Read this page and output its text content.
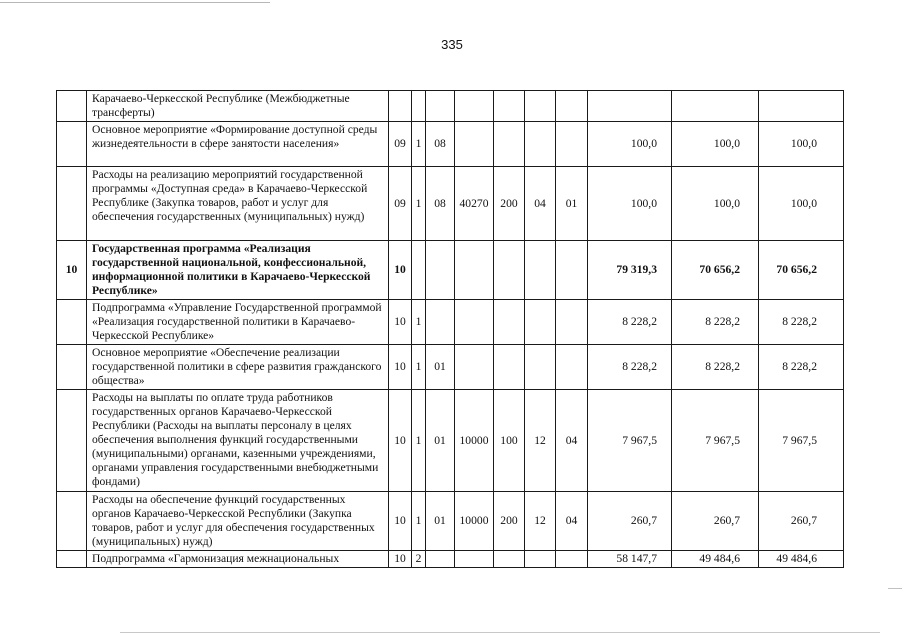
335
	Карачаево-Черкесской Республике (Межбюджетные трансферты)										
	Основное мероприятие «Формирование доступной среды жизнедеятельности в сфере занятости населения»	09	1	08					100,0	100,0	100,0
	Расходы на реализацию мероприятий государственной программы «Доступная среда» в Карачаево-Черкесской Республике (Закупка товаров, работ и услуг для обеспечения государственных (муниципальных) нужд)	09	1	08	40270	200	04	01	100,0	100,0	100,0
10	Государственная программа «Реализация государственной национальной, конфессиональной, информационной политики в Карачаево-Черкесской Республике»	10							79 319,3	70 656,2	70 656,2
	Подпрограмма «Управление Государственной программой «Реализация государственной политики в Карачаево-Черкесской Республике»	10	1						8 228,2	8 228,2	8 228,2
	Основное мероприятие «Обеспечение реализации государственной политики в сфере развития гражданского общества»	10	1	01					8 228,2	8 228,2	8 228,2
	Расходы на выплаты по оплате труда работников государственных органов Карачаево-Черкесской Республики (Расходы на выплаты персоналу в целях обеспечения выполнения функций государственными (муниципальными) органами, казенными учреждениями, органами управления государственными внебюджетными фондами)	10	1	01	10000	100	12	04	7 967,5	7 967,5	7 967,5
	Расходы на обеспечение функций государственных органов Карачаево-Черкесской Республики (Закупка товаров, работ и услуг для обеспечения государственных (муниципальных) нужд)	10	1	01	10000	200	12	04	260,7	260,7	260,7
	Подпрограмма «Гармонизация межнациональных	10	2						58 147,7	49 484,6	49 484,6
